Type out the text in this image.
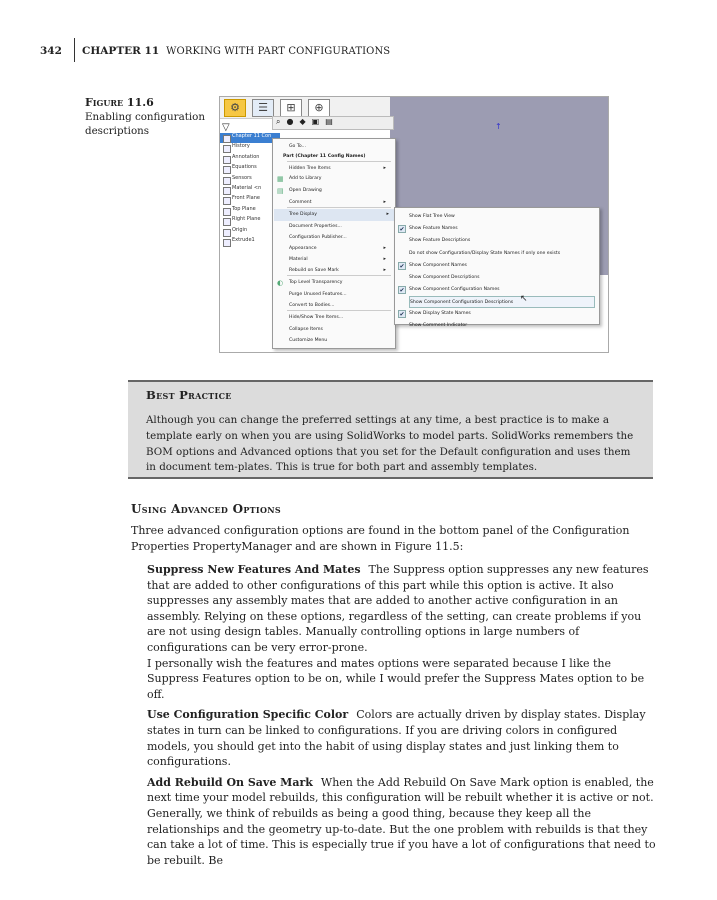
342	CHAPTER 11 WORKING WITH PART CONFIGURATIONS
Figure 11.6
Enabling configuration descriptions	↑
⚙	☰	⊞	⊕
⌕ ● ◆ ▣ ▤
▽
Chapter 11 Con
History
Annotation
Equations
Sensors
Material <n
Front Plane
Top Plane
Right Plane
Origin
Extrude1
Go To...
Part (Chapter 11 Config Names)
Hidden Tree Items	▸
Add to Library
Open Drawing
Comment	▸
Tree Display	▸
Document Properties...
Configuration Publisher...
Appearance	▸
Material	▸
Rebuild on Save Mark	▸
Top Level Transparency
Purge Unused Features...
Convert to Bodies...
Hide/Show Tree Items...
Collapse Items
Customize Menu
▦
▤
◐
Show Flat Tree View
✔ Show Feature Names
Show Feature Descriptions
Do not show Configuration/Display State Names if only one exists
✔ Show Component Names
Show Component Descriptions
✔ Show Component Configuration Names
Show Component Configuration Descriptions
✔ Show Display State Names
Show Comment Indicator
↖
Best Practice

Although you can change the preferred settings at any time, a best practice is to make a template early on when you are using SolidWorks to model parts. SolidWorks remembers the BOM options and Advanced options that you set for the Default configuration and uses them in document tem-plates. This is true for both part and assembly templates.

Using Advanced Options
Three advanced configuration options are found in the bottom panel of the Configuration Properties PropertyManager and are shown in Figure 11.5:

Suppress New Features And Mates The Suppress option suppresses any new features that are added to other configurations of this part while this option is active. It also suppresses any assembly mates that are added to another active configuration in an assembly. Relying on these options, regardless of the setting, can create problems if you are not using design tables. Manually controlling options in large numbers of configurations can be very error-prone.

I personally wish the features and mates options were separated because I like the Suppress Features option to be on, while I would prefer the Suppress Mates option to be off.

Use Configuration Specific Color Colors are actually driven by display states. Display states in turn can be linked to configurations. If you are driving colors in configured models, you should get into the habit of using display states and just linking them to configurations.

Add Rebuild On Save Mark When the Add Rebuild On Save Mark option is enabled, the next time your model rebuilds, this configuration will be rebuilt whether it is active or not. Generally, we think of rebuilds as being a good thing, because they keep all the relationships and the geometry up-to-date. But the one problem with rebuilds is that they can take a lot of time. This is especially true if you have a lot of configurations that need to be rebuilt. Be
